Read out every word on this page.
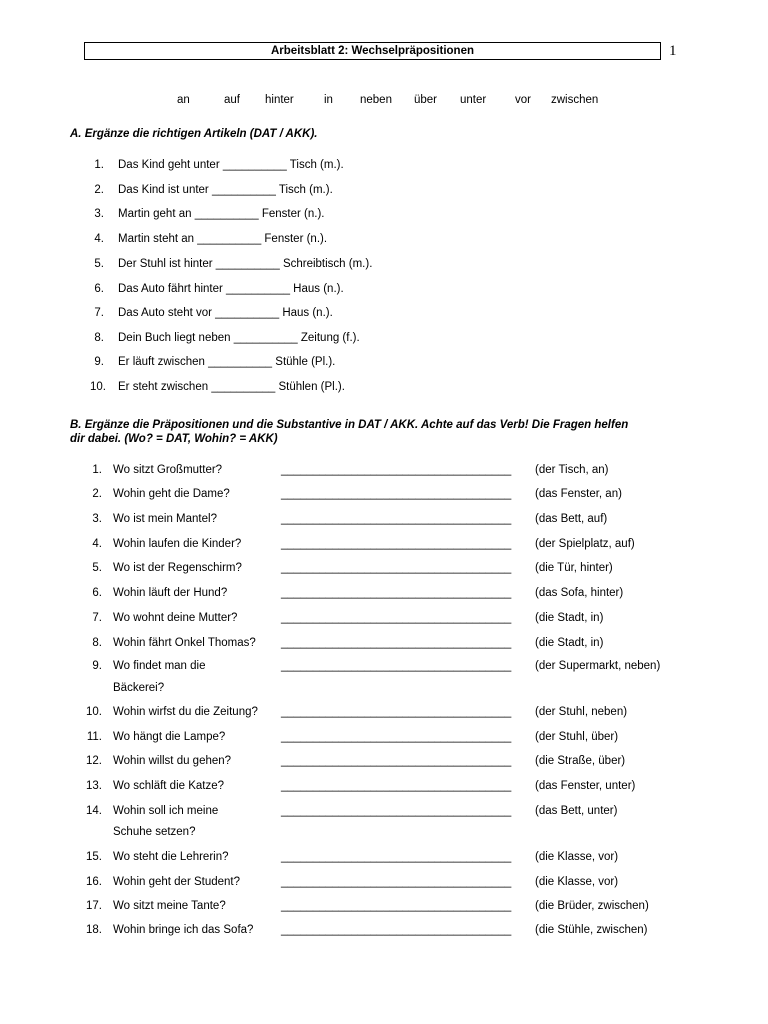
Arbeitsblatt 2: Wechselpräpositionen	1
an	auf hinter	in neben über unter	vor zwischen
A. Ergänze die richtigen Artikeln (DAT / AKK).
1. Das Kind geht unter __________ Tisch (m.).
2. Das Kind ist unter __________ Tisch (m.).
3. Martin geht an __________ Fenster (n.).
4. Martin steht an __________ Fenster (n.).
5. Der Stuhl ist hinter __________ Schreibtisch (m.).
6. Das Auto fährt hinter __________ Haus (n.).
7. Das Auto steht vor __________ Haus (n.).
8. Dein Buch liegt neben __________ Zeitung (f.).
9. Er läuft zwischen __________ Stühle (Pl.).
10. Er steht zwischen __________ Stühlen (Pl.).
B. Ergänze die Präpositionen und die Substantive in DAT / AKK. Achte auf das Verb! Die Fragen helfen
dir dabei. (Wo? = DAT, Wohin? = AKK)
1. Wo sitzt Großmutter?	____________________________________ (der Tisch, an)
2. Wohin geht die Dame?	____________________________________ (das Fenster, an)
3. Wo ist mein Mantel?	____________________________________ (das Bett, auf)
4. Wohin laufen die Kinder?	____________________________________ (der Spielplatz, auf)
5. Wo ist der Regenschirm?	____________________________________ (die Tür, hinter)
6. Wohin läuft der Hund?	____________________________________ (das Sofa, hinter)
7. Wo wohnt deine Mutter?	____________________________________ (die Stadt, in)
8. Wohin fährt Onkel Thomas? ____________________________________ (die Stadt, in)
9. Wo findet man die	____________________________________ (der Supermarkt, neben)
Bäckerei?
10. Wohin wirfst du die Zeitung? ____________________________________ (der Stuhl, neben)
11. Wo hängt die Lampe?	____________________________________ (der Stuhl, über)
12. Wohin willst du gehen?	____________________________________ (die Straße, über)
13. Wo schläft die Katze?	____________________________________ (das Fenster, unter)
14. Wohin soll ich meine	____________________________________ (das Bett, unter)
Schuhe setzen?
15. Wo steht die Lehrerin?	____________________________________ (die Klasse, vor)
16. Wohin geht der Student?	____________________________________ (die Klasse, vor)
17. Wo sitzt meine Tante?	____________________________________ (die Brüder, zwischen)
18. Wohin bringe ich das Sofa? ____________________________________ (die Stühle, zwischen)
